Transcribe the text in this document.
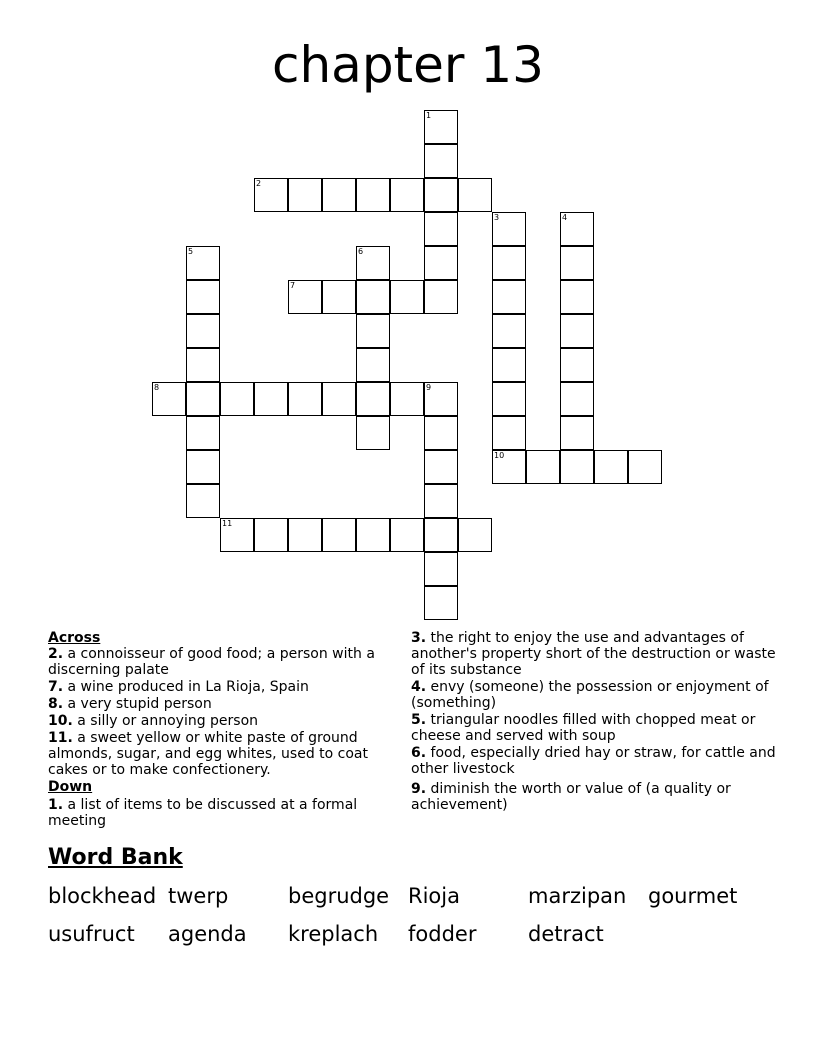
chapter 13
1
2
3
10
4
5	6
7
8	9
11
Across

2. a connoisseur of good food; a person with a discerning palate

7. a wine produced in La Rioja, Spain

8. a very stupid person

10. a silly or annoying person

11. a sweet yellow or white paste of ground almonds, sugar, and egg whites, used to coat cakes or to make confectionery.

Down

1. a list of items to be discussed at a formal meeting

3. the right to enjoy the use and advantages of another's property short of the destruction or waste of its substance

4. envy (someone) the possession or enjoyment of (something)

5. triangular noodles filled with chopped meat or cheese and served with soup

6. food, especially dried hay or straw, for cattle and other livestock

9. diminish the worth or value of (a quality or achievement)

Word Bank
blockhead twerp	begrudge Rioja	marzipan gourmet
usufruct agenda kreplach fodder detract
